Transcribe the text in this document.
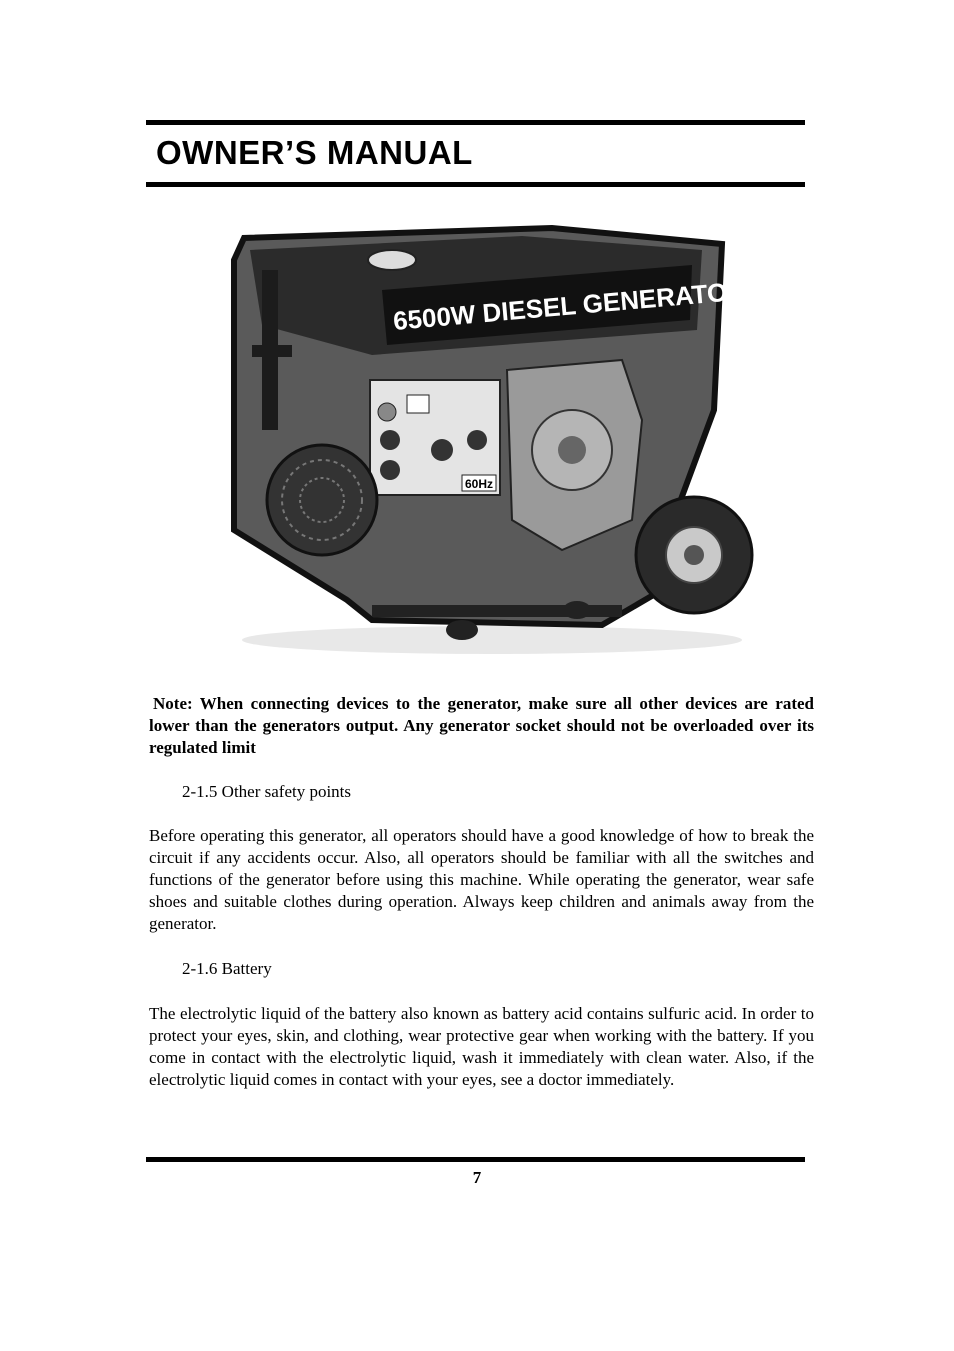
OWNER’S MANUAL
6500W DIESEL GENERATOR
60Hz
Note: When connecting devices to the generator, make sure all other devices are rated lower than the generators output. Any generator socket should not be overloaded over its regulated limit
2-1.5 Other safety points
Before operating this generator, all operators should have a good knowledge of how to break the circuit if any accidents occur. Also, all operators should be familiar with all the switches and functions of the generator before using this machine. While operating the generator, wear safe shoes and suitable clothes during operation. Always keep children and animals away from the generator.
2-1.6 Battery
The electrolytic liquid of the battery also known as battery acid contains sulfuric acid. In order to protect your eyes, skin, and clothing, wear protective gear when working with the battery. If you come in contact with the electrolytic liquid, wash it immediately with clean water. Also, if the electrolytic liquid comes in contact with your eyes, see a doctor immediately.
7
